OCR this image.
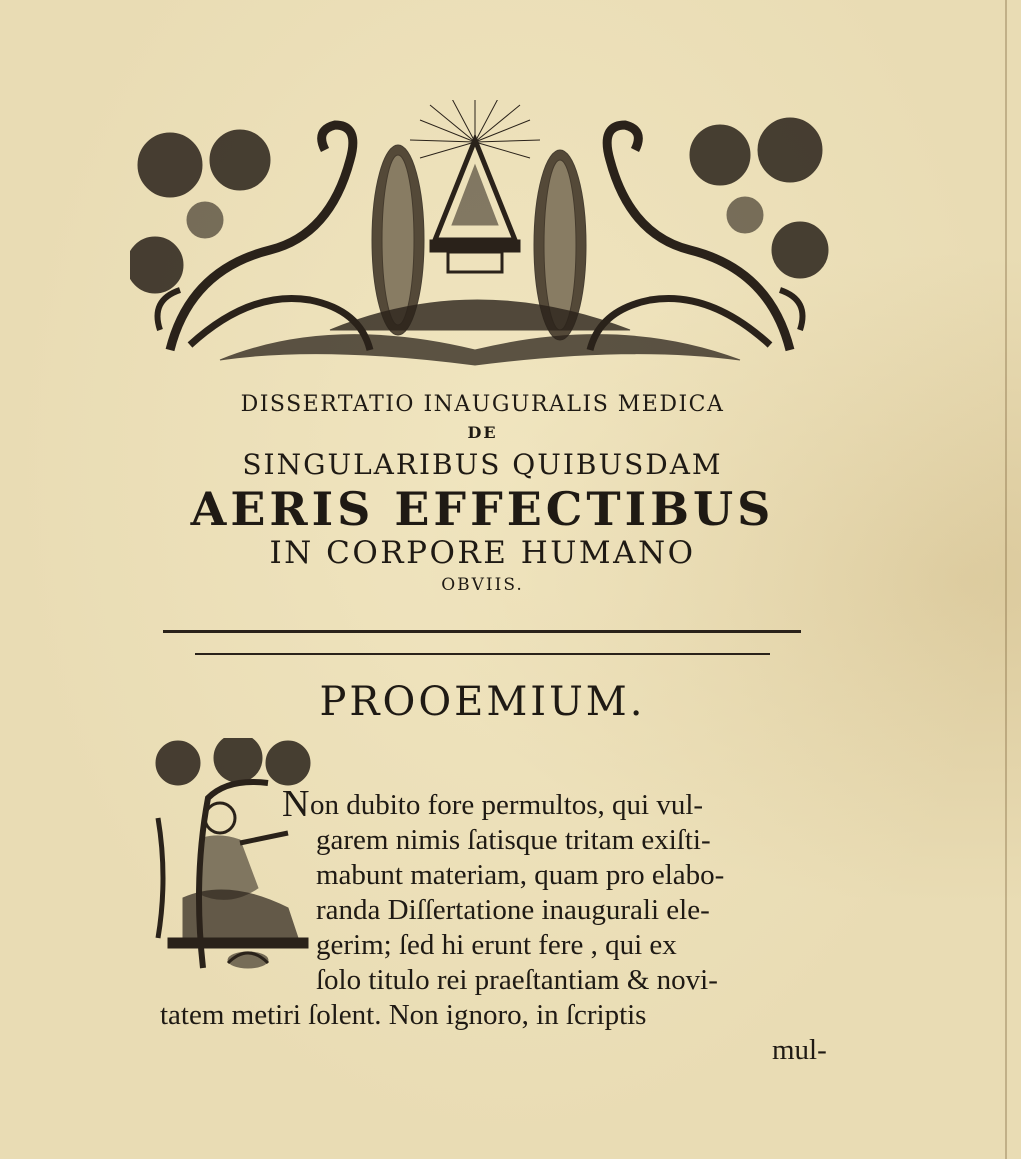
DISSERTATIO INAUGURALIS MEDICA
DE
SINGULARIBUS QUIBUSDAM
AERIS EFFECTIBUS
IN CORPORE HUMANO
OBVIIS.
PROOEMIUM.
N
N on dubito fore permultos, qui vul-
garem nimis ſatisque tritam exiſti-
mabunt materiam, quam pro elabo-
randa Diſſertatione inaugurali ele-
gerim; ſed hi erunt fere , qui ex
ſolo titulo rei praeſtantiam & novi-
tatem metiri ſolent. Non ignoro, in ſcriptis
mul-
